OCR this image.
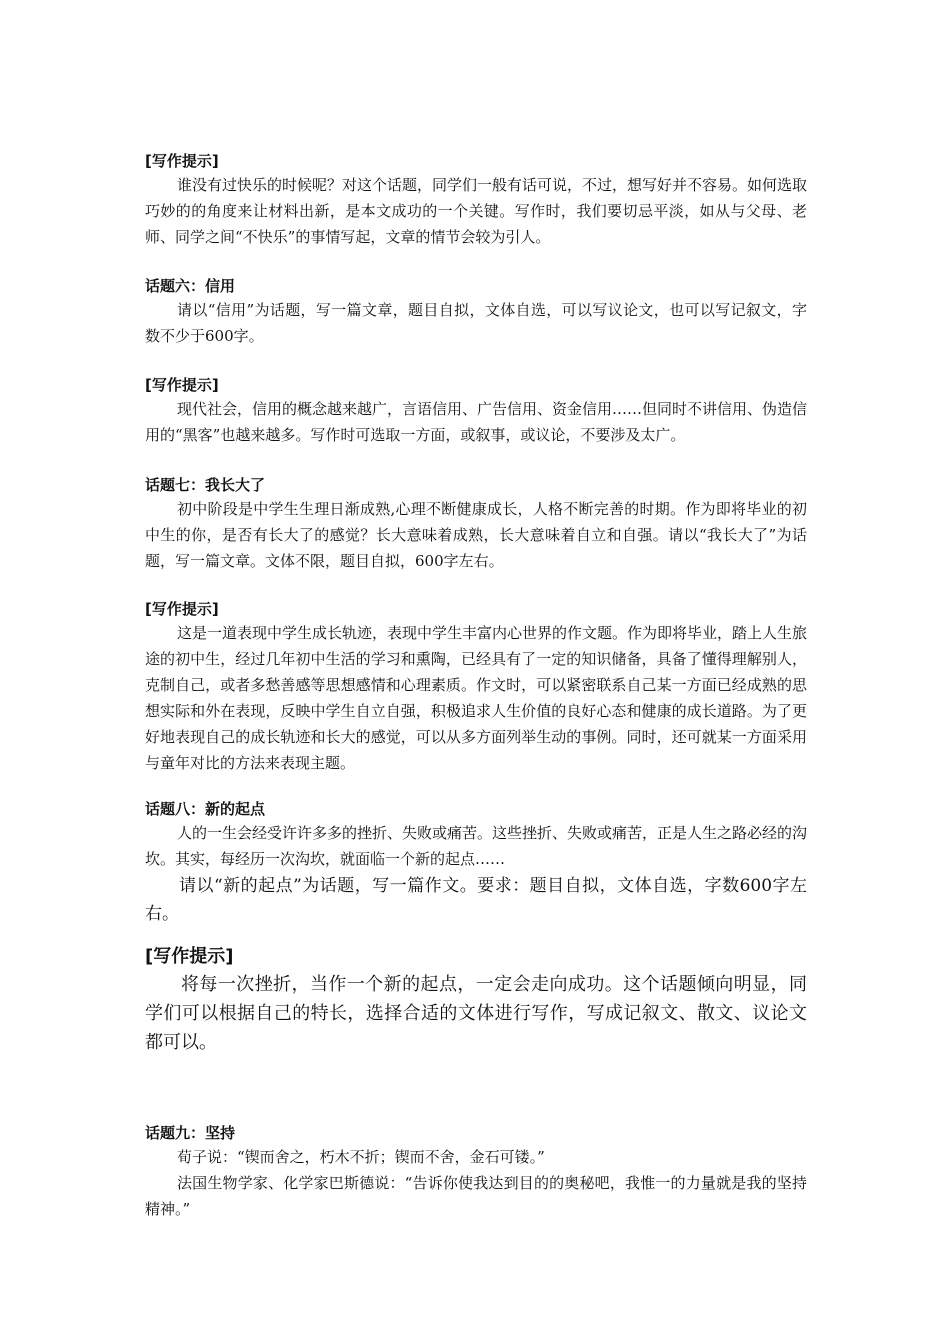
[写作提示]

谁没有过快乐的时候呢？对这个话题，同学们一般有话可说，不过，想写好并不容易。如何选取巧妙的的角度来让材料出新，是本文成功的一个关键。写作时，我们要切忌平淡，如从与父母、老师、同学之间“不快乐”的事情写起，文章的情节会较为引人。

话题六：信用

请以“信用”为话题，写一篇文章，题目自拟，文体自选，可以写议论文，也可以写记叙文，字数不少于600字。

[写作提示]

现代社会，信用的概念越来越广，言语信用、广告信用、资金信用……但同时不讲信用、伪造信用的“黑客”也越来越多。写作时可选取一方面，或叙事，或议论，不要涉及太广。

话题七：我长大了

初中阶段是中学生生理日渐成熟,心理不断健康成长，人格不断完善的时期。作为即将毕业的初中生的你，是否有长大了的感觉？长大意味着成熟，长大意味着自立和自强。请以“我长大了”为话题，写一篇文章。文体不限，题目自拟，600字左右。

[写作提示]

这是一道表现中学生成长轨迹，表现中学生丰富内心世界的作文题。作为即将毕业，踏上人生旅途的初中生，经过几年初中生活的学习和熏陶，已经具有了一定的知识储备，具备了懂得理解别人，克制自己，或者多愁善感等思想感情和心理素质。作文时，可以紧密联系自己某一方面已经成熟的思想实际和外在表现，反映中学生自立自强，积极追求人生价值的良好心态和健康的成长道路。为了更好地表现自己的成长轨迹和长大的感觉，可以从多方面列举生动的事例。同时，还可就某一方面采用与童年对比的方法来表现主题。

话题八：新的起点

人的一生会经受许许多多的挫折、失败或痛苦。这些挫折、失败或痛苦，正是人生之路必经的沟坎。其实，每经历一次沟坎，就面临一个新的起点……

请以“新的起点”为话题，写一篇作文。要求：题目自拟，文体自选，字数600字左右。

[写作提示]

将每一次挫折，当作一个新的起点，一定会走向成功。这个话题倾向明显，同学们可以根据自己的特长，选择合适的文体进行写作，写成记叙文、散文、议论文都可以。

话题九：坚持

荀子说：“锲而舍之，朽木不折；锲而不舍，金石可镂。”

法国生物学家、化学家巴斯德说：“告诉你使我达到目的的奥秘吧，我惟一的力量就是我的坚持精神。”
